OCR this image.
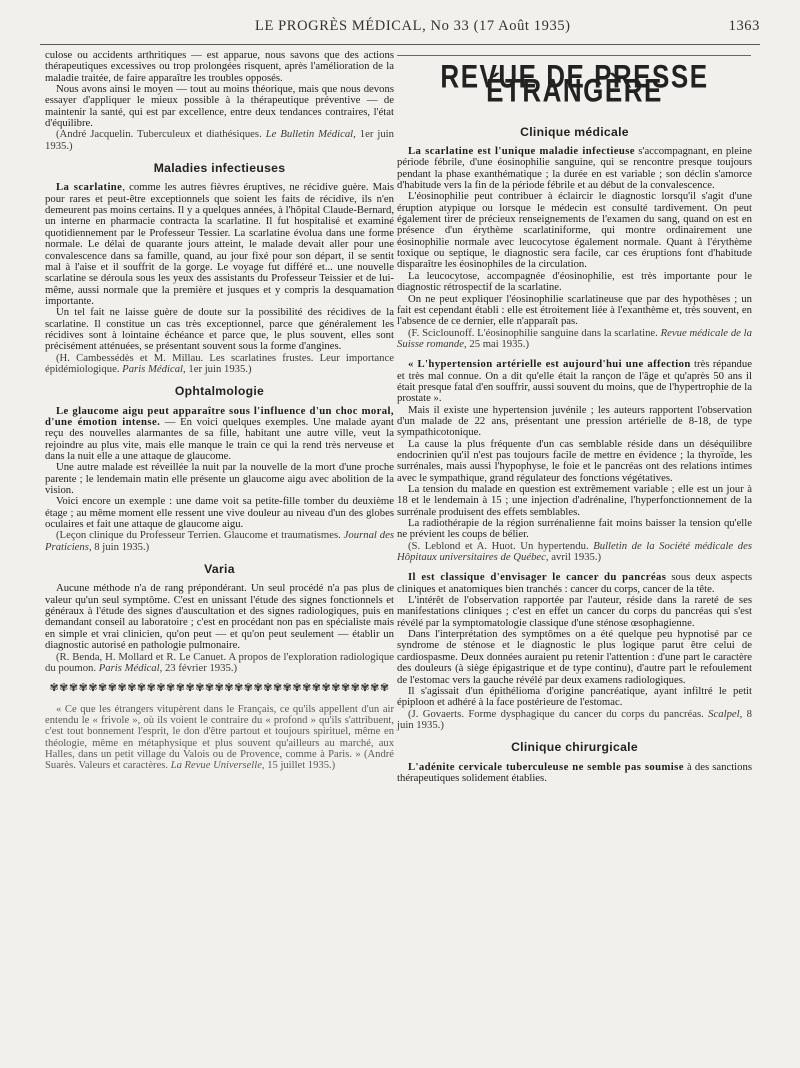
LE PROGRÈS MÉDICAL, No 33 (17 Août 1935)	1363

culose ou accidents arthritiques — est apparue, nous savons que des actions thérapeutiques excessives ou trop prolongées risquent, après l'amélioration de la maladie traitée, de faire apparaître les troubles opposés.

Nous avons ainsi le moyen — tout au moins théorique, mais que nous devons essayer d'appliquer le mieux possible à la thérapeutique préventive — de maintenir la santé, qui est par excellence, entre deux tendances contraires, l'état d'équilibre.

(André Jacquelin. Tuberculeux et diathésiques. Le Bulletin Médical, 1er juin 1935.)

Maladies infectieuses

La scarlatine, comme les autres fièvres éruptives, ne récidive guère. Mais pour rares et peut-être exceptionnels que soient les faits de récidive, ils n'en demeurent pas moins certains. Il y a quelques années, à l'hôpital Claude-Bernard, un interne en pharmacie contracta la scarlatine. Il fut hospitalisé et examiné quotidiennement par le Professeur Tessier. La scarlatine évolua dans une forme normale. Le délai de quarante jours atteint, le malade devait aller pour une convalescence dans sa famille, quand, au jour fixé pour son départ, il se sentit mal à l'aise et il souffrit de la gorge. Le voyage fut différé et... une nouvelle scarlatine se déroula sous les yeux des assistants du Professeur Teissier et de lui-même, aussi normale que la première et jusques et y compris la desquamation importante.

Un tel fait ne laisse guère de doute sur la possibilité des récidives de la scarlatine. Il constitue un cas très exceptionnel, parce que généralement les récidives sont à lointaine échéance et parce que, le plus souvent, elles sont précisément atténuées, se présentant souvent sous la forme d'angines.

(H. Cambessédès et M. Millau. Les scarlatines frustes. Leur importance épidémiologique. Paris Médical, 1er juin 1935.)

Ophtalmologie

Le glaucome aigu peut apparaître sous l'influence d'un choc moral, d'une émotion intense. — En voici quelques exemples. Une malade ayant reçu des nouvelles alarmantes de sa fille, habitant une autre ville, veut la rejoindre au plus vite, mais elle manque le train ce qui la rend très nerveuse et dans la nuit elle a une attaque de glaucome.

Une autre malade est réveillée la nuit par la nouvelle de la mort d'une proche parente ; le lendemain matin elle présente un glaucome aigu avec abolition de la vision.

Voici encore un exemple : une dame voit sa petite-fille tomber du deuxième étage ; au même moment elle ressent une vive douleur au niveau d'un des globes oculaires et fait une attaque de glaucome aigu.

(Leçon clinique du Professeur Terrien. Glaucome et traumatismes. Journal des Praticiens, 8 juin 1935.)

Varia

Aucune méthode n'a de rang prépondérant. Un seul procédé n'a pas plus de valeur qu'un seul symptôme. C'est en unissant l'étude des signes fonctionnels et généraux à l'étude des signes d'auscultation et des signes radiologiques, puis en demandant conseil au laboratoire ; c'est en procédant non pas en spécialiste mais en simple et vrai clinicien, qu'on peut — et qu'on peut seulement — établir un diagnostic autorisé en pathologie pulmonaire.

(R. Benda, H. Mollard et R. Le Canuet. A propos de l'exploration radiologique du poumon. Paris Médical, 23 février 1935.)

✾✾✾✾✾✾✾✾✾✾✾✾✾✾✾✾✾✾✾✾✾✾✾✾✾✾✾✾✾✾✾✾✾✾✾

« Ce que les étrangers vitupèrent dans le Français, ce qu'ils appellent d'un air entendu le « frivole », où ils voient le contraire du « profond » qu'ils s'attribuent, c'est tout bonnement l'esprit, le don d'être partout et toujours spirituel, même en théologie, même en métaphysique et plus souvent qu'ailleurs au marché, aux Halles, dans un petit village du Valois ou de Provence, comme à Paris. » (André Suarès. Valeurs et caractères. La Revue Universelle, 15 juillet 1935.)

REVUE DE PRESSE ÉTRANGÈRE
Clinique médicale

La scarlatine est l'unique maladie infectieuse s'accompagnant, en pleine période fébrile, d'une éosinophilie sanguine, qui se rencontre presque toujours pendant la phase exanthématique ; la durée en est variable ; son déclin s'amorce d'habitude vers la fin de la période fébrile et au début de la convalescence.

L'éosinophilie peut contribuer à éclaircir le diagnostic lorsqu'il s'agit d'une éruption atypique ou lorsque le médecin est consulté tardivement. On peut également tirer de précieux renseignements de l'examen du sang, quand on est en présence d'un érythème scarlatiniforme, qui montre ordinairement une éosinophilie normale avec leucocytose également normale. Quant à l'érythème toxique ou septique, le diagnostic sera facile, car ces éruptions font d'habitude disparaître les éosinophiles de la circulation.

La leucocytose, accompagnée d'éosinophilie, est très importante pour le diagnostic rétrospectif de la scarlatine.

On ne peut expliquer l'éosinophilie scarlatineuse que par des hypothèses ; un fait est cependant établi : elle est étroitement liée à l'exanthème et, très souvent, en l'absence de ce dernier, elle n'apparaît pas.

(F. Sciclounoff. L'éosinophilie sanguine dans la scarlatine. Revue médicale de la Suisse romande, 25 mai 1935.)

« L'hypertension artérielle est aujourd'hui une affection très répandue et très mal connue. On a dit qu'elle était la rançon de l'âge et qu'après 50 ans il était presque fatal d'en souffrir, aussi souvent du moins, que de l'hypertrophie de la prostate ».

Mais il existe une hypertension juvénile ; les auteurs rapportent l'observation d'un malade de 22 ans, présentant une pression artérielle de 8-18, de type sympathicotonique.

La cause la plus fréquente d'un cas semblable réside dans un déséquilibre endocrinien qu'il n'est pas toujours facile de mettre en évidence ; la thyroïde, les surrénales, mais aussi l'hypophyse, le foie et le pancréas ont des relations intimes avec le sympathique, grand régulateur des fonctions végétatives.

La tension du malade en question est extrêmement variable ; elle est un jour à 18 et le lendemain à 15 ; une injection d'adrénaline, l'hyperfonctionnement de la surrénale produisent des effets semblables.

La radiothérapie de la région surrénalienne fait moins baisser la tension qu'elle ne prévient les coups de bélier.

(S. Leblond et A. Huot. Un hypertendu. Bulletin de la Société médicale des Hôpitaux universitaires de Québec, avril 1935.)

Il est classique d'envisager le cancer du pancréas sous deux aspects cliniques et anatomiques bien tranchés : cancer du corps, cancer de la tête.

L'intérêt de l'observation rapportée par l'auteur, réside dans la rareté de ses manifestations cliniques ; c'est en effet un cancer du corps du pancréas qui s'est révélé par la symptomatologie classique d'une sténose œsophagienne.

Dans l'interprétation des symptômes on a été quelque peu hypnotisé par ce syndrome de sténose et le diagnostic le plus logique parut être celui de cardiospasme. Deux données auraient pu retenir l'attention : d'une part le caractère des douleurs (à siège épigastrique et de type continu), d'autre part le refoulement de l'estomac vers la gauche révélé par deux examens radiologiques.

Il s'agissait d'un épithélioma d'origine pancréatique, ayant infiltré le petit épiploon et adhéré à la face postérieure de l'estomac.

(J. Govaerts. Forme dysphagique du cancer du corps du pancréas. Scalpel, 8 juin 1935.)

Clinique chirurgicale

L'adénite cervicale tuberculeuse ne semble pas soumise à des sanctions thérapeutiques solidement établies.
